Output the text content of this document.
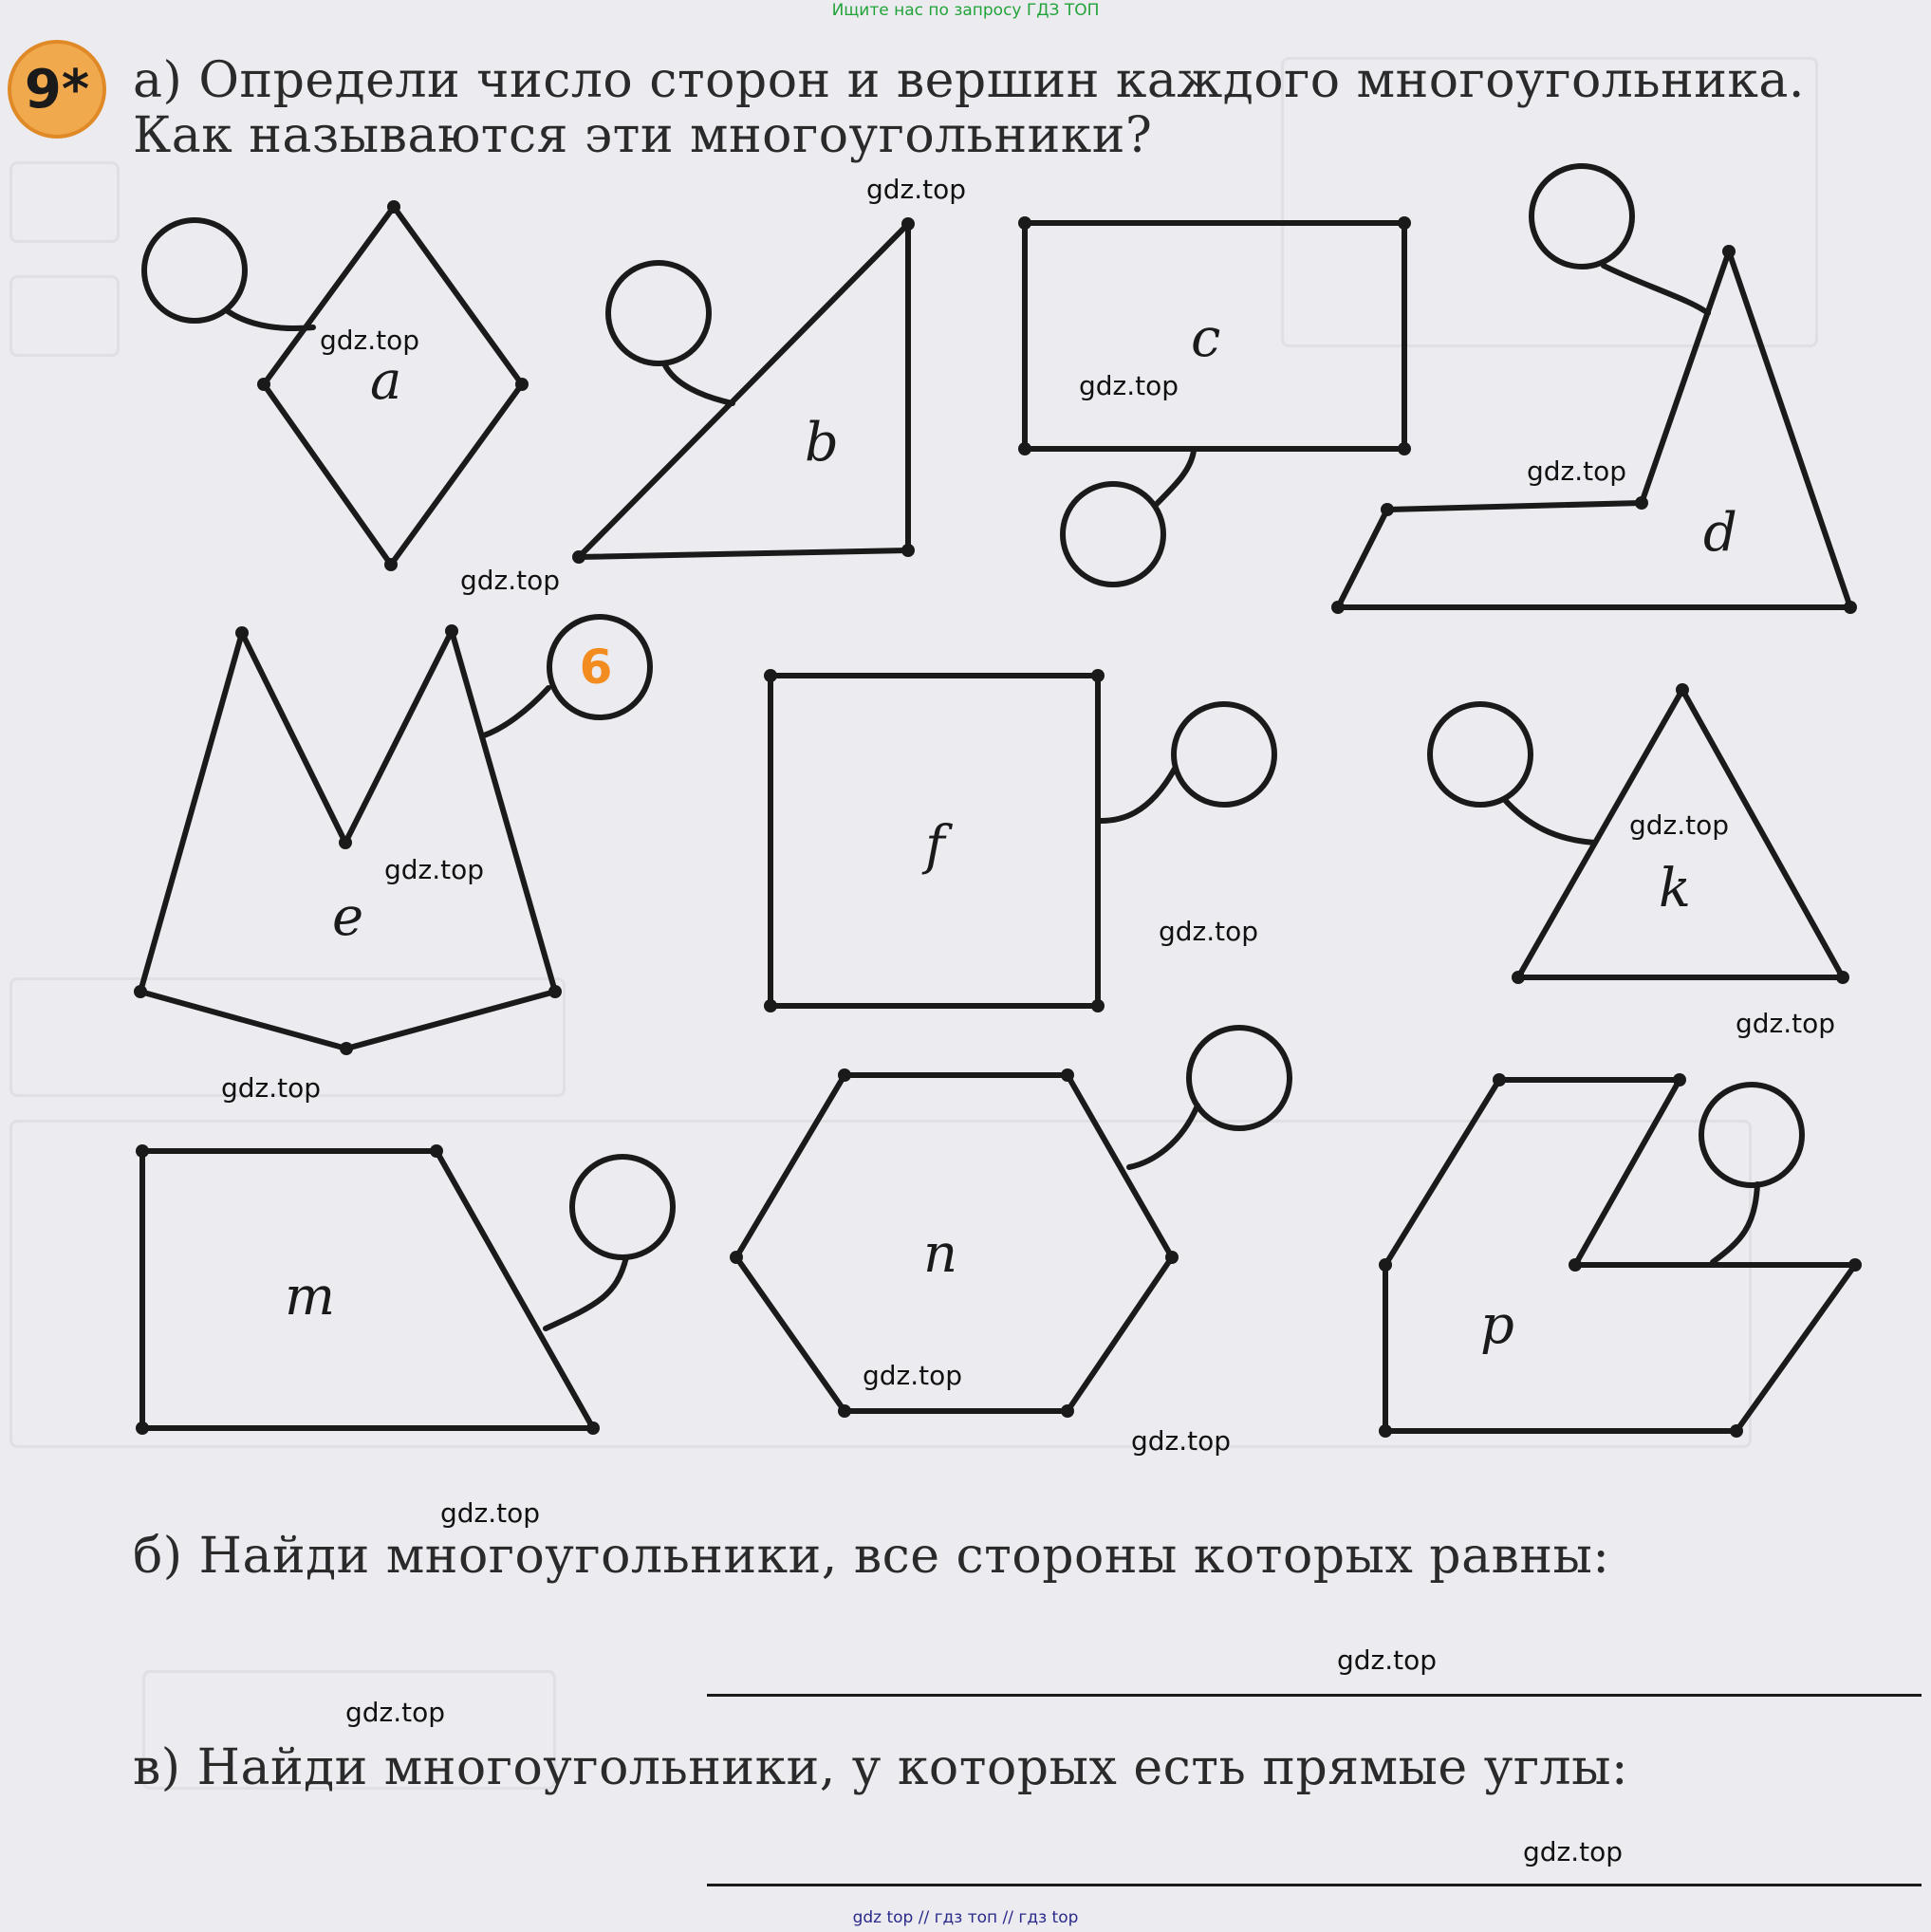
Ищите нас по запросу ГДЗ ТОП
9* а) Определи число сторон и вершин каждого многоугольника.
Как называются эти многоугольники?
a
b
c
d
e
f
k
m
n
p
6
gdz.top
gdz.top
gdz.top
gdz.top
gdz.top
gdz.top
gdz.top
gdz.top
gdz.top
gdz.top
gdz.top
gdz.top
gdz.top
gdz.top
gdz.top
gdz.top
б) Найди многоугольники, все стороны которых равны:
в) Найди многоугольники, у которых есть прямые углы:
gdz top // гдз топ // гдз top
